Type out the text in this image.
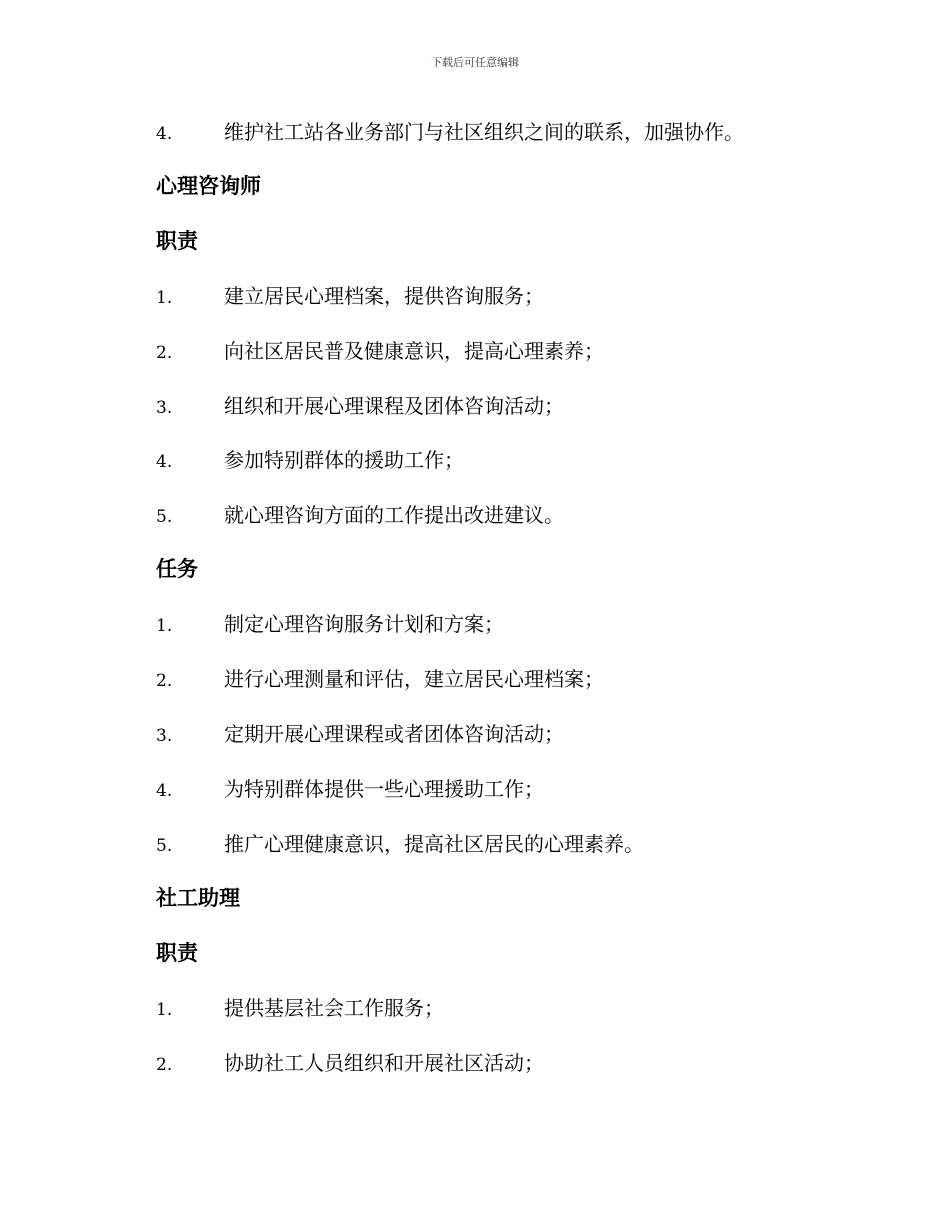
下载后可任意编辑
4.	维护社工站各业务部门与社区组织之间的联系，加强协作。
心理咨询师
职责
1.	建立居民心理档案，提供咨询服务；
2.	向社区居民普及健康意识，提高心理素养；
3.	组织和开展心理课程及团体咨询活动；
4.	参加特别群体的援助工作；
5.	就心理咨询方面的工作提出改进建议。
任务
1.	制定心理咨询服务计划和方案；
2.	进行心理测量和评估，建立居民心理档案；
3.	定期开展心理课程或者团体咨询活动；
4.	为特别群体提供一些心理援助工作；
5.	推广心理健康意识，提高社区居民的心理素养。
社工助理
职责
1.	提供基层社会工作服务；
2.	协助社工人员组织和开展社区活动；
